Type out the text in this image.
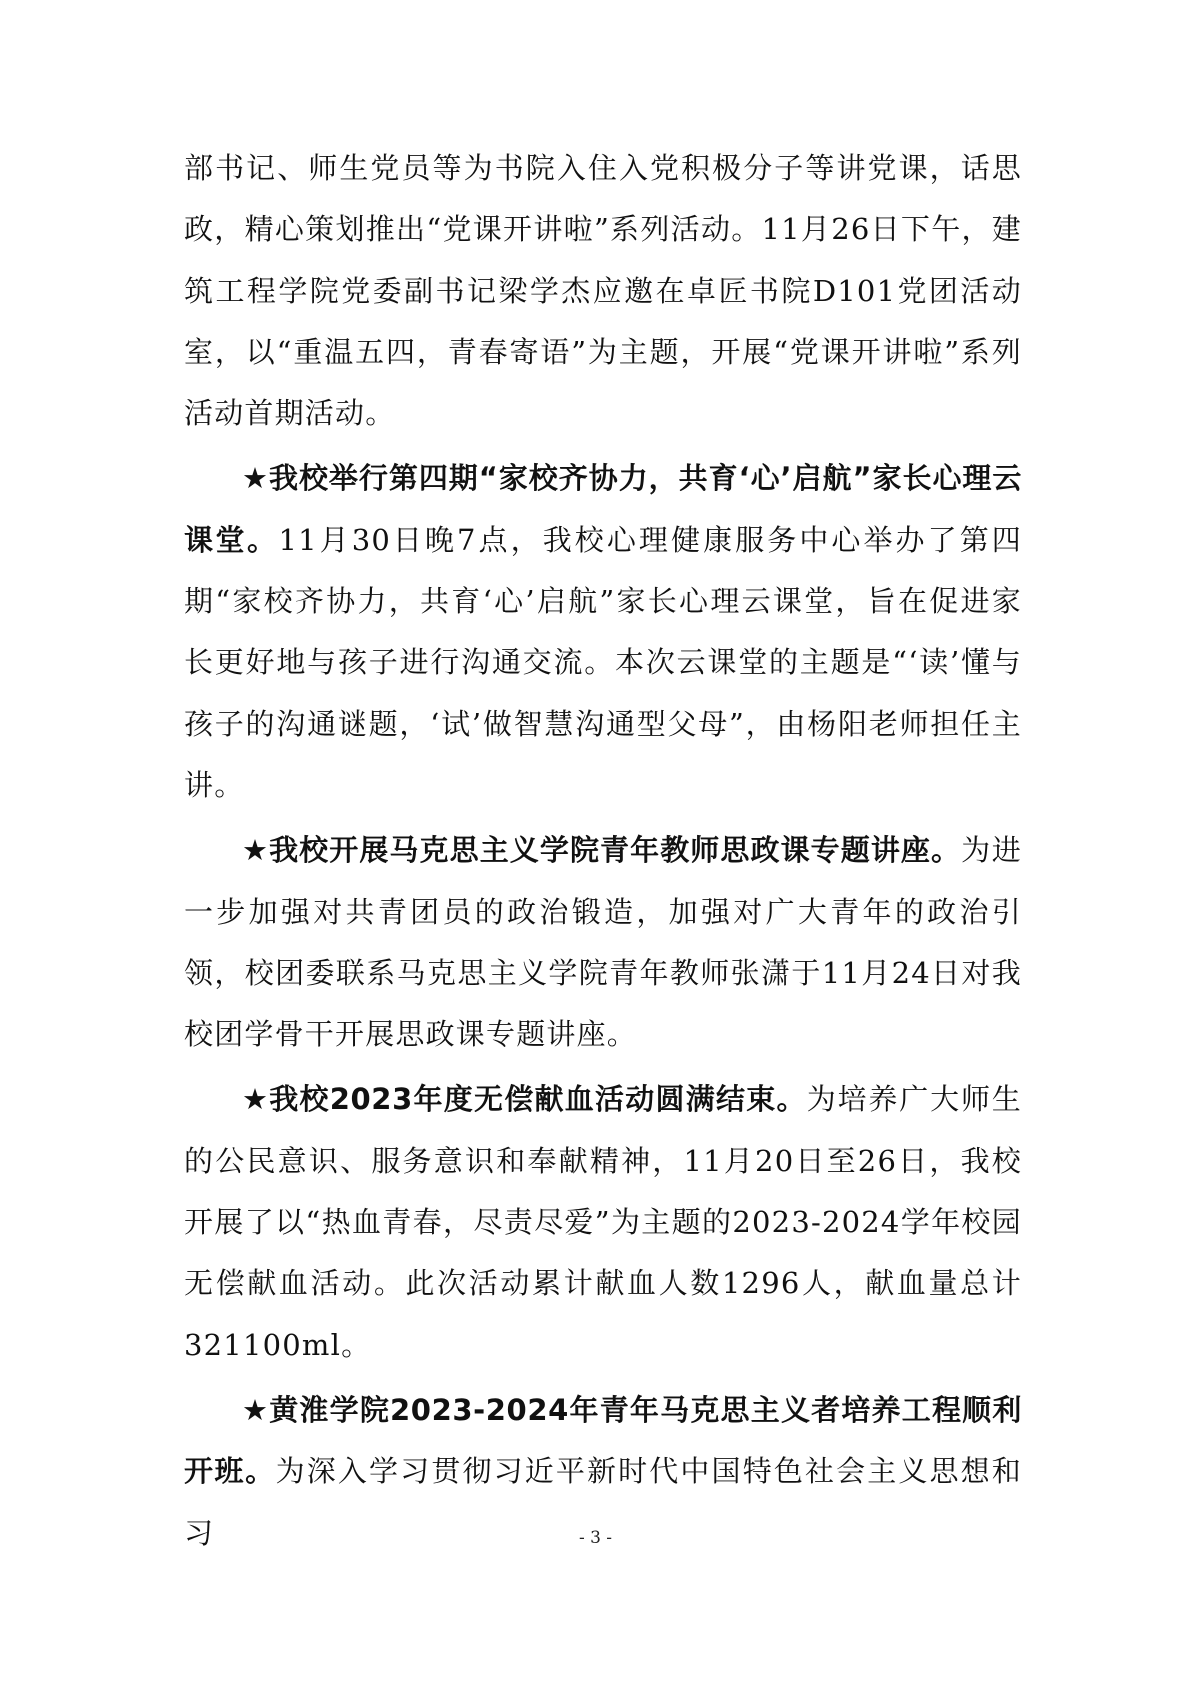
部书记、师生党员等为书院入住入党积极分子等讲党课，话思政，精心策划推出“党课开讲啦”系列活动。11月26日下午，建筑工程学院党委副书记梁学杰应邀在卓匠书院D101党团活动室，以“重温五四，青春寄语”为主题，开展“党课开讲啦”系列活动首期活动。

★我校举行第四期“家校齐协力，共育‘心’启航”家长心理云课堂。11月30日晚7点，我校心理健康服务中心举办了第四期“家校齐协力，共育‘心’启航”家长心理云课堂，旨在促进家长更好地与孩子进行沟通交流。本次云课堂的主题是“‘读’懂与孩子的沟通谜题，‘试’做智慧沟通型父母”，由杨阳老师担任主讲。

★我校开展马克思主义学院青年教师思政课专题讲座。为进一步加强对共青团员的政治锻造，加强对广大青年的政治引领，校团委联系马克思主义学院青年教师张潇于11月24日对我校团学骨干开展思政课专题讲座。

★我校2023年度无偿献血活动圆满结束。为培养广大师生的公民意识、服务意识和奉献精神，11月20日至26日，我校开展了以“热血青春，尽责尽爱”为主题的2023-2024学年校园无偿献血活动。此次活动累计献血人数1296人，献血量总计321100ml。

★黄淮学院2023-2024年青年马克思主义者培养工程顺利开班。为深入学习贯彻习近平新时代中国特色社会主义思想和习	- 3 -
